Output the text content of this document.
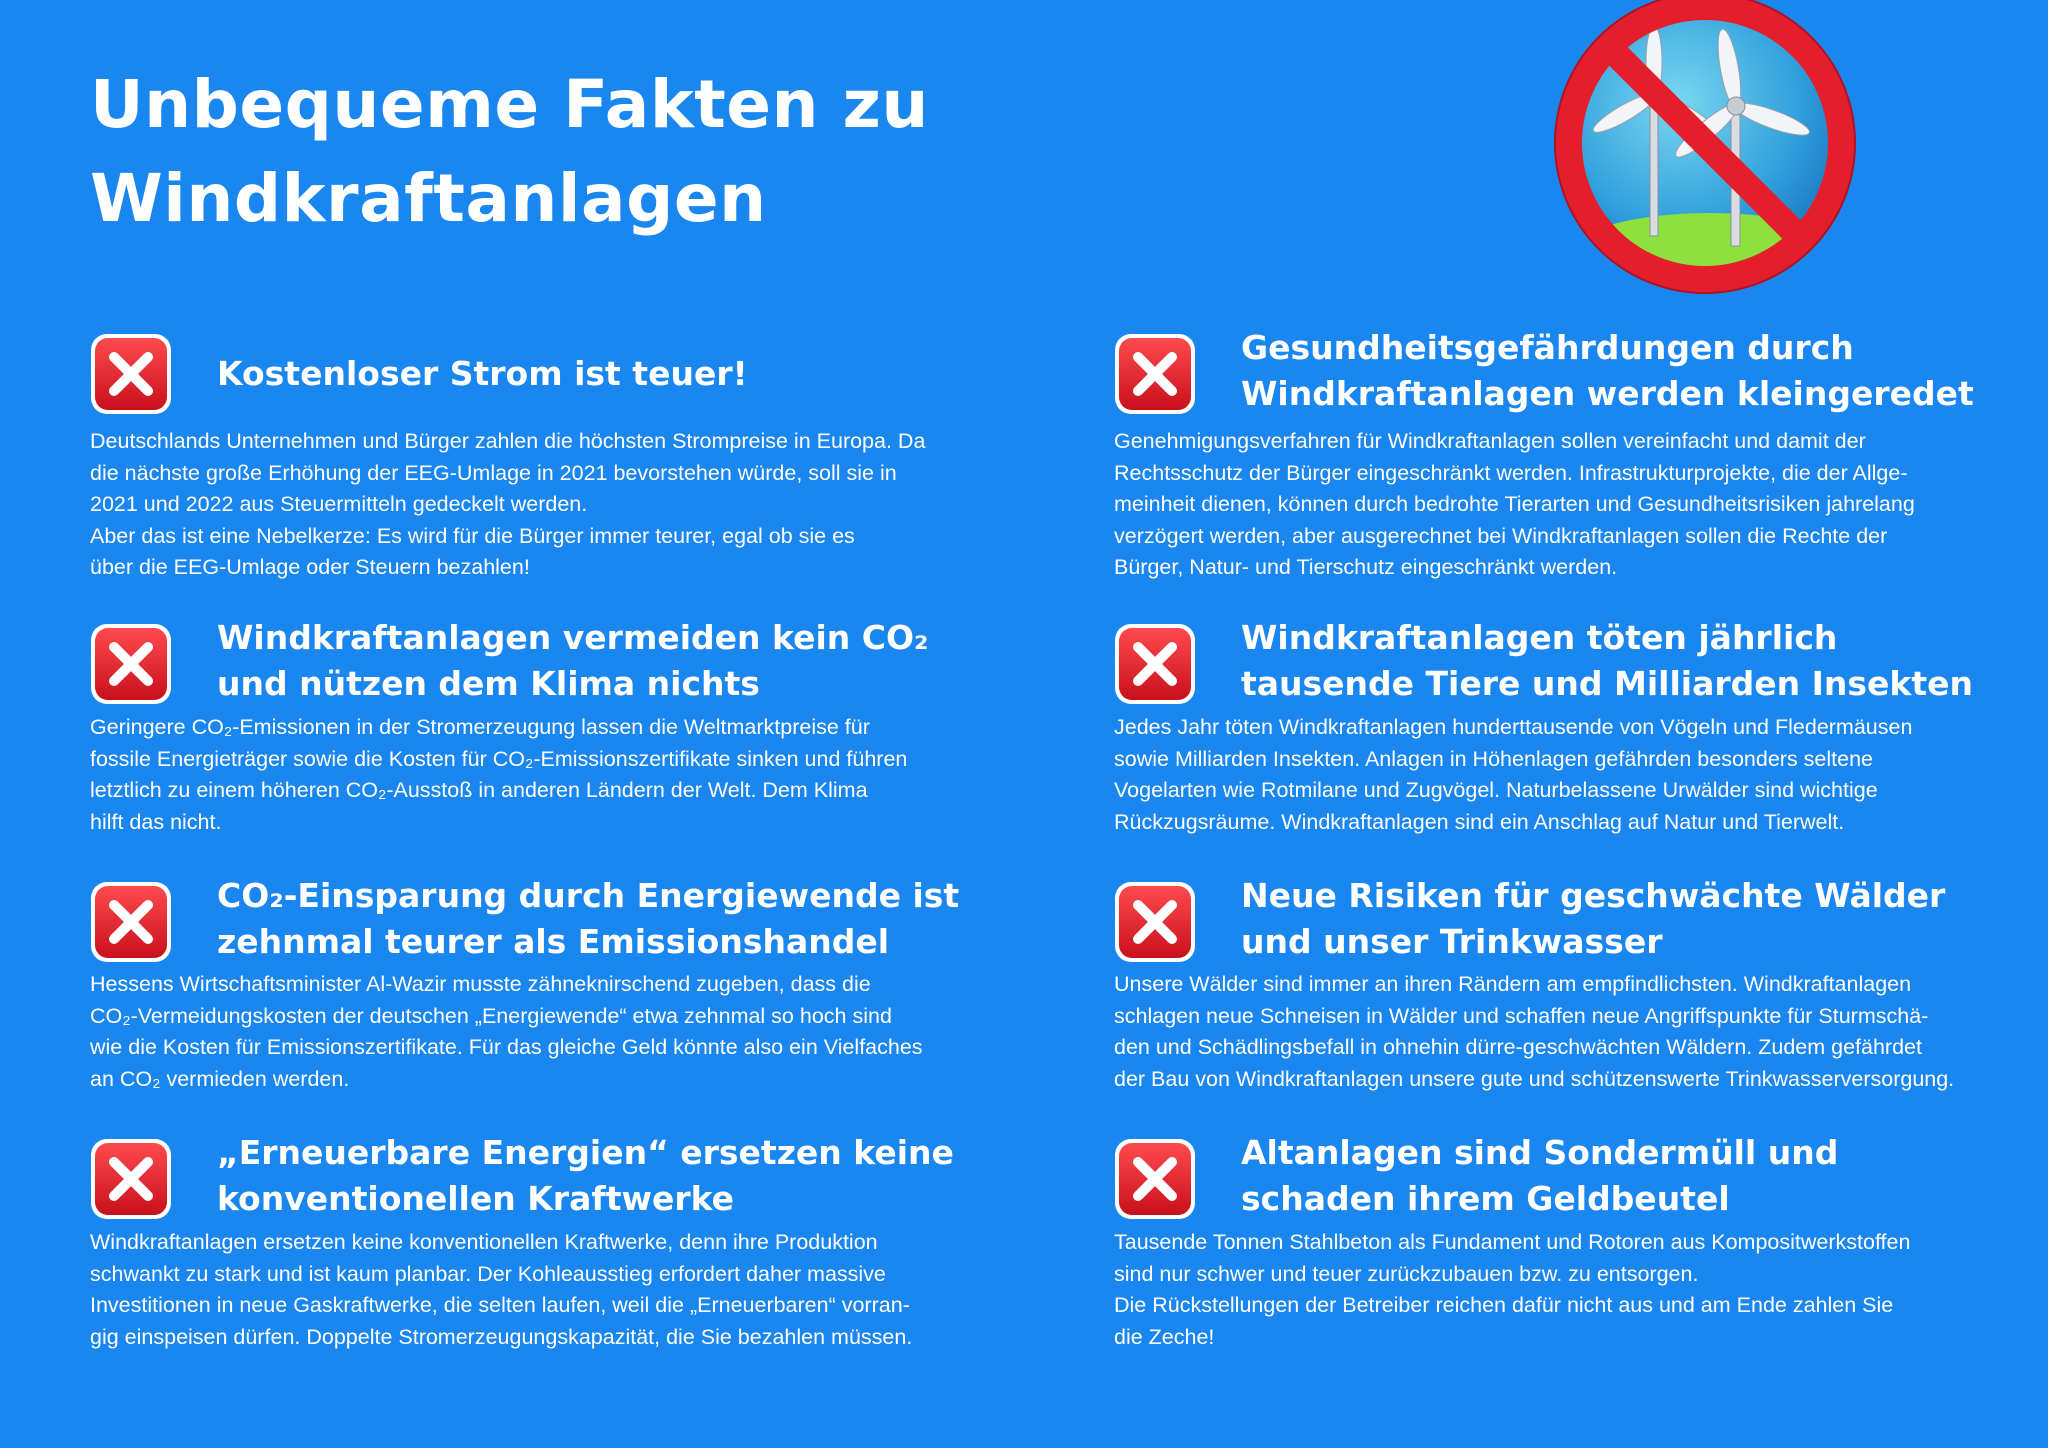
Unbequeme Fakten zu
Windkraftanlagen
Kostenloser Strom ist teuer!
Deutschlands Unternehmen und Bürger zahlen die höchsten Strompreise in Europa. Da
die nächste große Erhöhung der EEG-Umlage in 2021 bevorstehen würde, soll sie in
2021 und 2022 aus Steuermitteln gedeckelt werden.
Aber das ist eine Nebelkerze: Es wird für die Bürger immer teurer, egal ob sie es
über die EEG-Umlage oder Steuern bezahlen!
Windkraftanlagen vermeiden kein CO₂
und nützen dem Klima nichts
Geringere CO₂-Emissionen in der Stromerzeugung lassen die Weltmarktpreise für
fossile Energieträger sowie die Kosten für CO₂-Emissionszertifikate sinken und führen
letztlich zu einem höheren CO₂-Ausstoß in anderen Ländern der Welt. Dem Klima
hilft das nicht.
CO₂-Einsparung durch Energiewende ist
zehnmal teurer als Emissionshandel
Hessens Wirtschaftsminister Al-Wazir musste zähneknirschend zugeben, dass die
CO₂-Vermeidungskosten der deutschen „Energiewende“ etwa zehnmal so hoch sind
wie die Kosten für Emissionszertifikate. Für das gleiche Geld könnte also ein Vielfaches
an CO₂ vermieden werden.
„Erneuerbare Energien“ ersetzen keine
konventionellen Kraftwerke
Windkraftanlagen ersetzen keine konventionellen Kraftwerke, denn ihre Produktion
schwankt zu stark und ist kaum planbar. Der Kohleausstieg erfordert daher massive
Investitionen in neue Gaskraftwerke, die selten laufen, weil die „Erneuerbaren“ vorran-
gig einspeisen dürfen. Doppelte Stromerzeugungskapazität, die Sie bezahlen müssen.
Gesundheitsgefährdungen durch
Windkraftanlagen werden kleingeredet
Genehmigungsverfahren für Windkraftanlagen sollen vereinfacht und damit der
Rechtsschutz der Bürger eingeschränkt werden. Infrastrukturprojekte, die der Allge-
meinheit dienen, können durch bedrohte Tierarten und Gesundheitsrisiken jahrelang
verzögert werden, aber ausgerechnet bei Windkraftanlagen sollen die Rechte der
Bürger, Natur- und Tierschutz eingeschränkt werden.
Windkraftanlagen töten jährlich
tausende Tiere und Milliarden Insekten
Jedes Jahr töten Windkraftanlagen hunderttausende von Vögeln und Fledermäusen
sowie Milliarden Insekten. Anlagen in Höhenlagen gefährden besonders seltene
Vogelarten wie Rotmilane und Zugvögel. Naturbelassene Urwälder sind wichtige
Rückzugsräume. Windkraftanlagen sind ein Anschlag auf Natur und Tierwelt.
Neue Risiken für geschwächte Wälder
und unser Trinkwasser
Unsere Wälder sind immer an ihren Rändern am empfindlichsten. Windkraftanlagen
schlagen neue Schneisen in Wälder und schaffen neue Angriffspunkte für Sturmschä-
den und Schädlingsbefall in ohnehin dürre-geschwächten Wäldern. Zudem gefährdet
der Bau von Windkraftanlagen unsere gute und schützenswerte Trinkwasserversorgung.
Altanlagen sind Sondermüll und
schaden ihrem Geldbeutel
Tausende Tonnen Stahlbeton als Fundament und Rotoren aus Kompositwerkstoffen
sind nur schwer und teuer zurückzubauen bzw. zu entsorgen.
Die Rückstellungen der Betreiber reichen dafür nicht aus und am Ende zahlen Sie
die Zeche!
